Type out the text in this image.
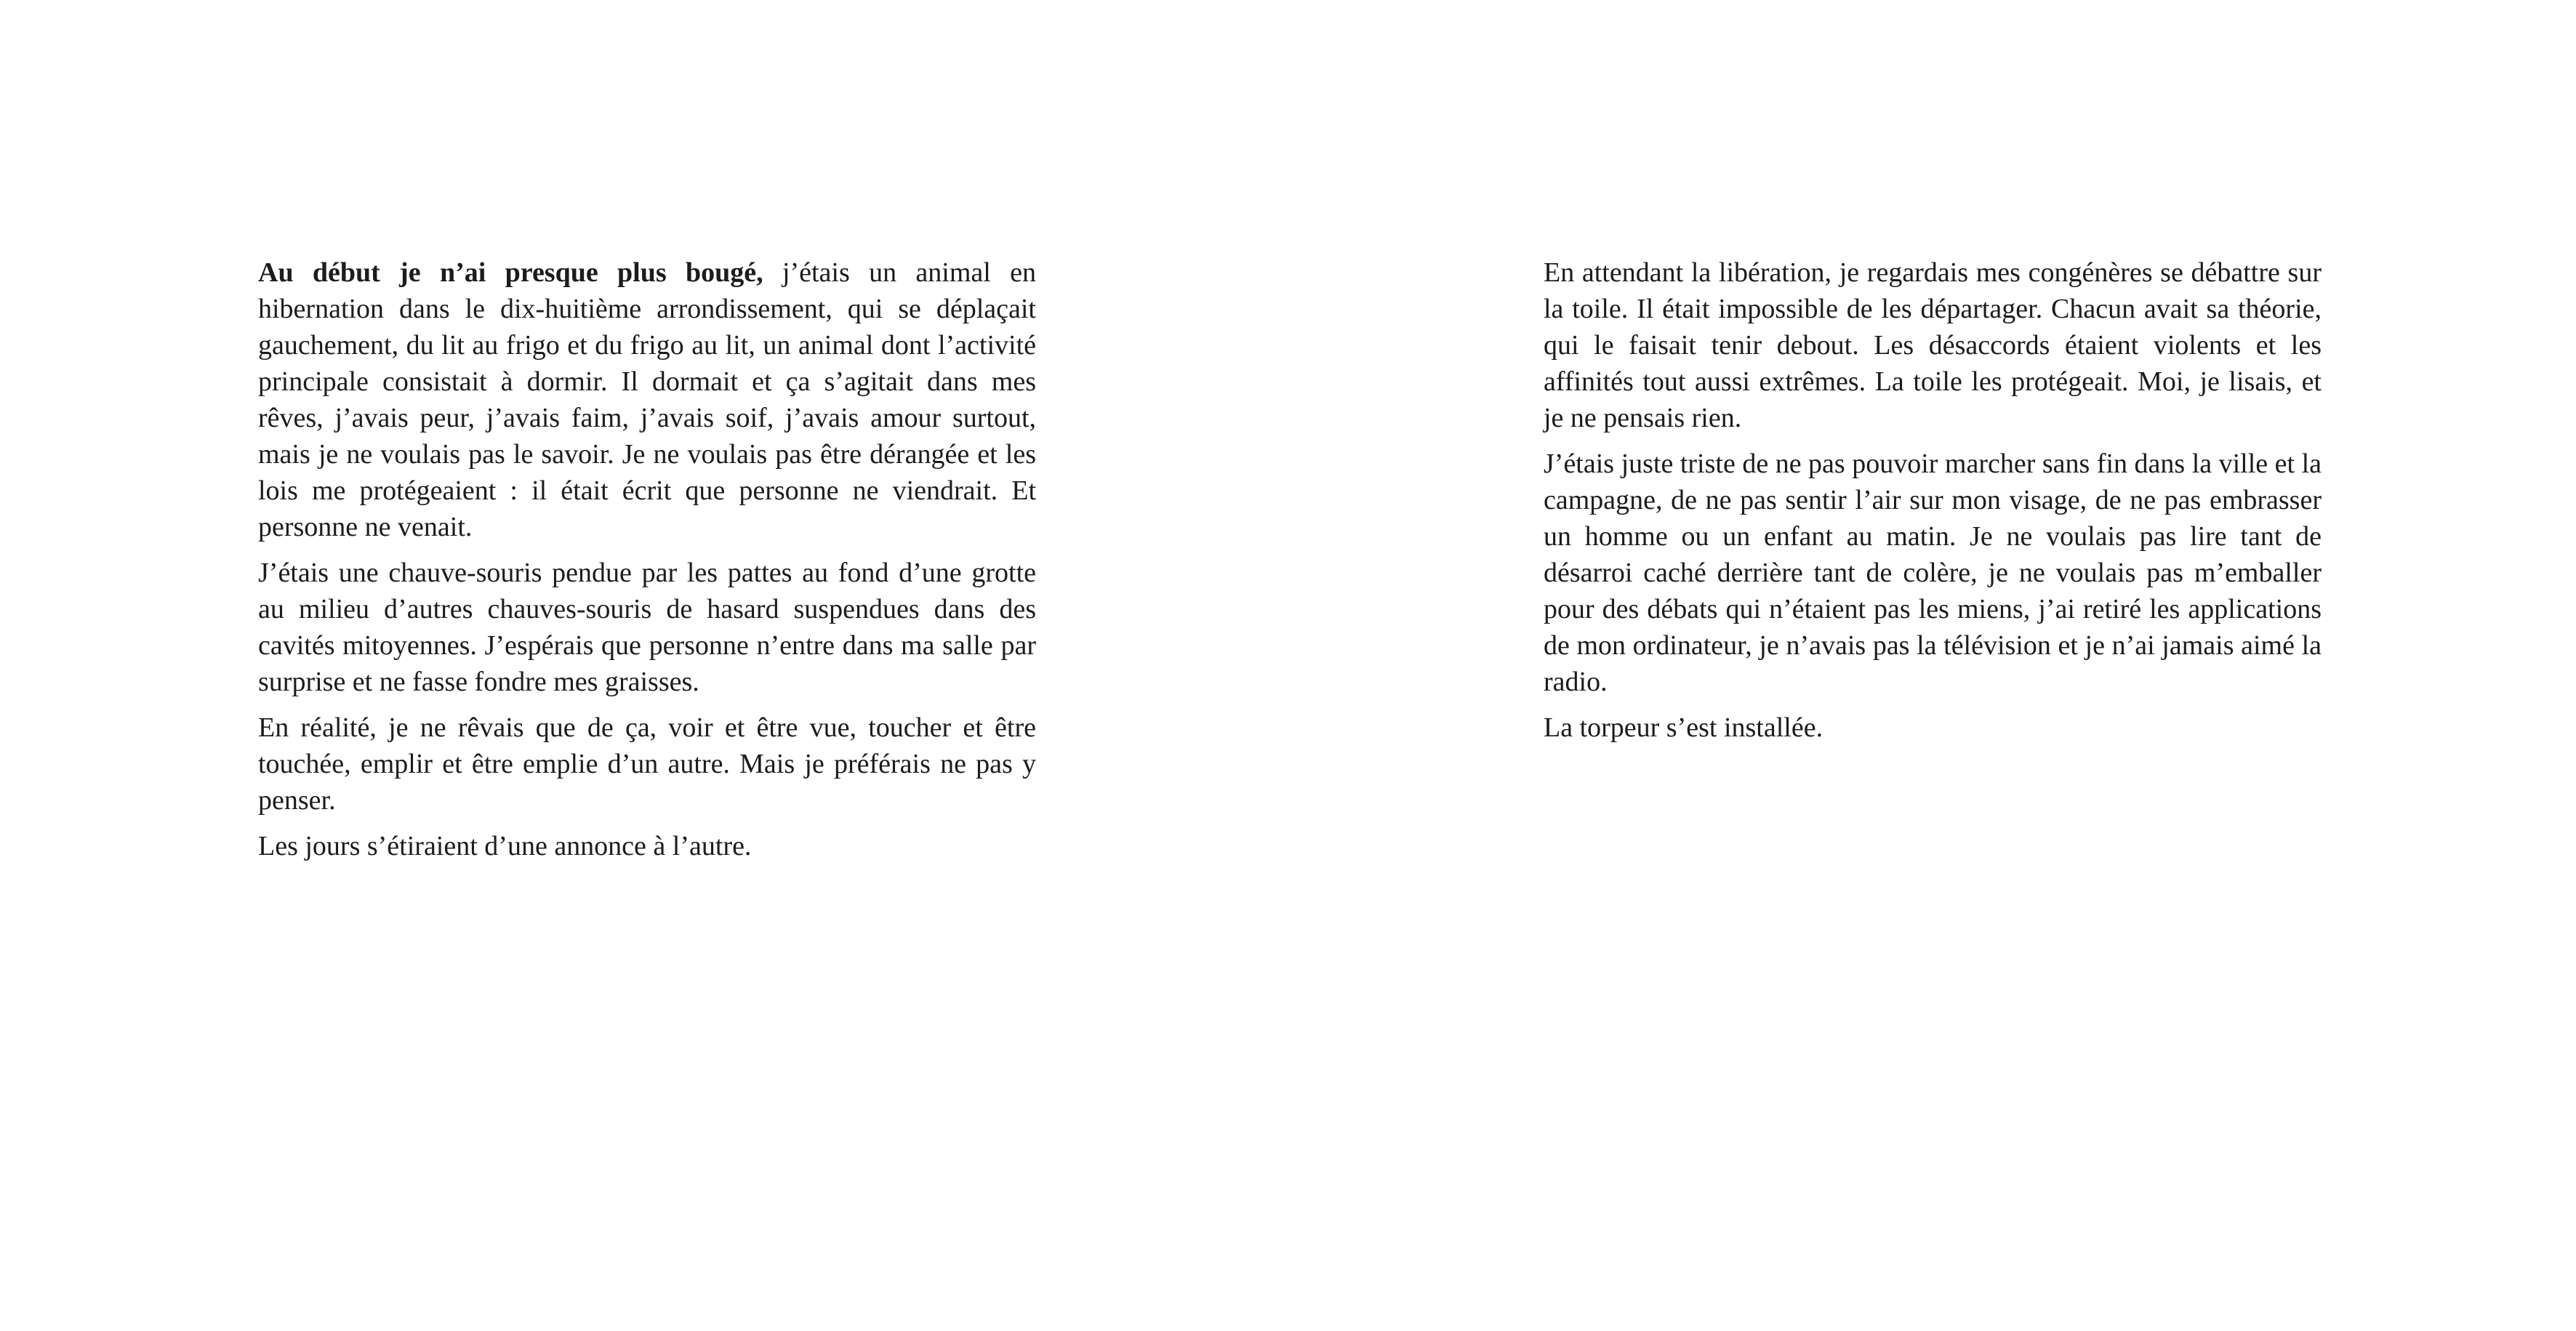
Au début je n’ai presque plus bougé, j’étais un animal en hibernation dans le dix-huitième arrondissement, qui se déplaçait gauchement, du lit au frigo et du frigo au lit, un animal dont l’activité principale consistait à dormir. Il dormait et ça s’agitait dans mes rêves, j’avais peur, j’avais faim, j’avais soif, j’avais amour surtout, mais je ne voulais pas le savoir. Je ne voulais pas être dérangée et les lois me protégeaient : il était écrit que personne ne viendrait. Et personne ne venait.

J’étais une chauve-souris pendue par les pattes au fond d’une grotte au milieu d’autres chauves-souris de hasard suspendues dans des cavités mitoyennes. J’espérais que personne n’entre dans ma salle par surprise et ne fasse fondre mes graisses.

En réalité, je ne rêvais que de ça, voir et être vue, toucher et être touchée, emplir et être emplie d’un autre. Mais je préférais ne pas y penser.

Les jours s’étiraient d’une annonce à l’autre.

En attendant la libération, je regardais mes congénères se débattre sur la toile. Il était impossible de les départager. Chacun avait sa théorie, qui le faisait tenir debout. Les désaccords étaient violents et les affinités tout aussi extrêmes. La toile les protégeait. Moi, je lisais, et je ne pensais rien.

J’étais juste triste de ne pas pouvoir marcher sans fin dans la ville et la campagne, de ne pas sentir l’air sur mon visage, de ne pas embrasser un homme ou un enfant au matin. Je ne voulais pas lire tant de désarroi caché derrière tant de colère, je ne voulais pas m’emballer pour des débats qui n’étaient pas les miens, j’ai retiré les applications de mon ordinateur, je n’avais pas la télévision et je n’ai jamais aimé la radio.

La torpeur s’est installée.
